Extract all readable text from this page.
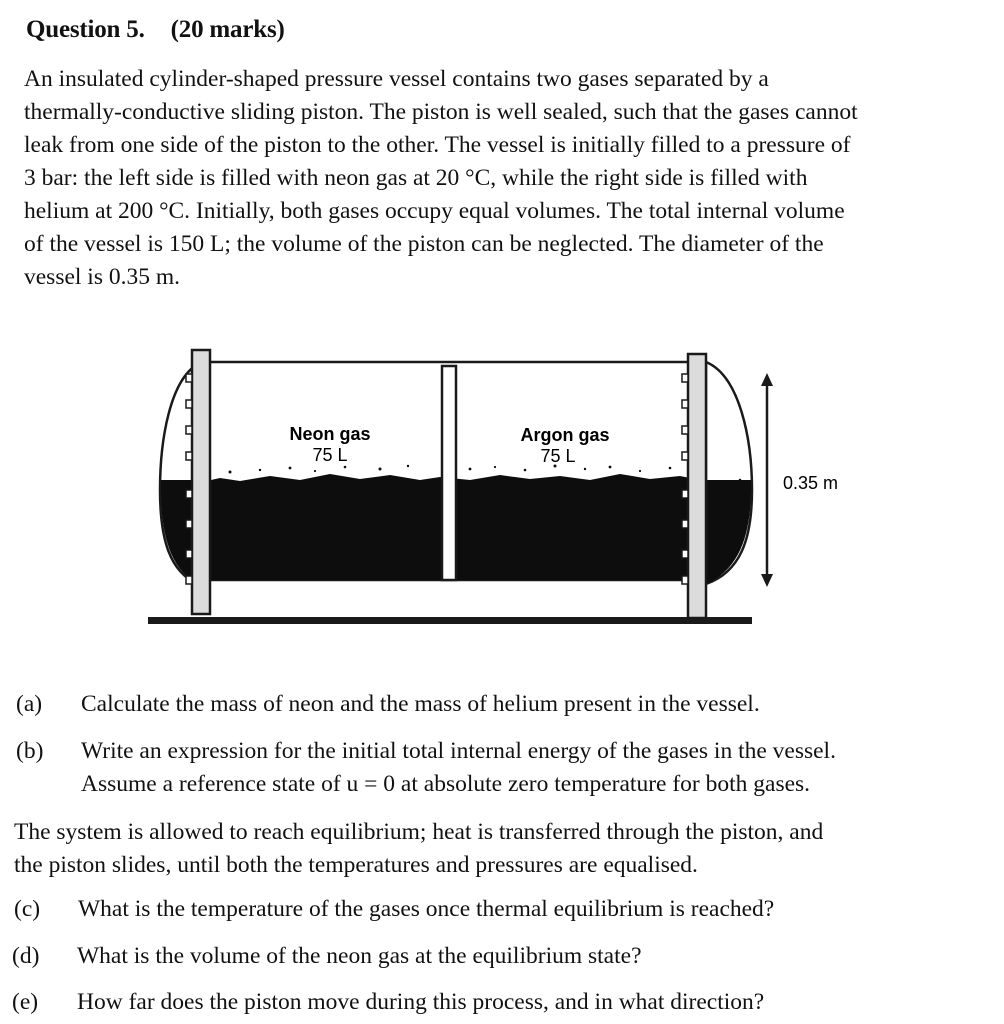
Question 5. (20 marks)
An insulated cylinder-shaped pressure vessel contains two gases separated by a
thermally-conductive sliding piston. The piston is well sealed, such that the gases cannot
leak from one side of the piston to the other. The vessel is initially filled to a pressure of
3 bar: the left side is filled with neon gas at 20 °C, while the right side is filled with
helium at 200 °C. Initially, both gases occupy equal volumes. The total internal volume
of the vessel is 150 L; the volume of the piston can be neglected. The diameter of the
vessel is 0.35 m.
Neon gas
75 L
Argon gas
75 L
0.35 m
(a) Calculate the mass of neon and the mass of helium present in the vessel.
(b) Write an expression for the initial total internal energy of the gases in the vessel.
Assume a reference state of u = 0 at absolute zero temperature for both gases.
The system is allowed to reach equilibrium; heat is transferred through the piston, and
the piston slides, until both the temperatures and pressures are equalised.
(c) What is the temperature of the gases once thermal equilibrium is reached?
(d) What is the volume of the neon gas at the equilibrium state?
(e) How far does the piston move during this process, and in what direction?
